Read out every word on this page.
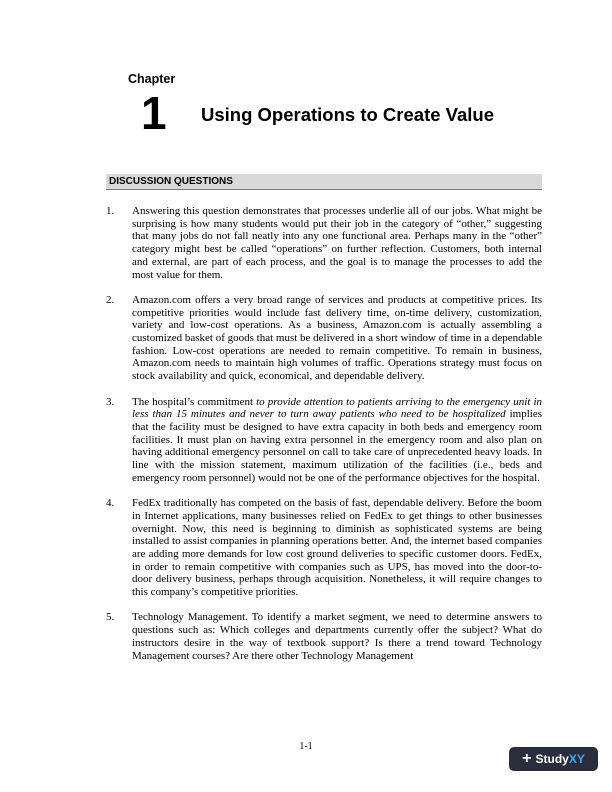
Chapter
1 Using Operations to Create Value
DISCUSSION QUESTIONS
1.	Answering this question demonstrates that processes underlie all of our jobs. What might be surprising is how many students would put their job in the category of “other,” suggesting that many jobs do not fall neatly into any one functional area. Perhaps many in the “other” category might best be called “operations” on further reflection. Customers, both internal and external, are part of each process, and the goal is to manage the processes to add the most value for them.
2.	Amazon.com offers a very broad range of services and products at competitive prices. Its competitive priorities would include fast delivery time, on-time delivery, customization, variety and low-cost operations. As a business, Amazon.com is actually assembling a customized basket of goods that must be delivered in a short window of time in a dependable fashion. Low-cost operations are needed to remain competitive. To remain in business, Amazon.com needs to maintain high volumes of traffic. Operations strategy must focus on stock availability and quick, economical, and dependable delivery.
3.	The hospital’s commitment to provide attention to patients arriving to the emergency unit in less than 15 minutes and never to turn away patients who need to be hospitalized implies that the facility must be designed to have extra capacity in both beds and emergency room facilities. It must plan on having extra personnel in the emergency room and also plan on having additional emergency personnel on call to take care of unprecedented heavy loads. In line with the mission statement, maximum utilization of the facilities (i.e., beds and emergency room personnel) would not be one of the performance objectives for the hospital.
4.	FedEx traditionally has competed on the basis of fast, dependable delivery. Before the boom in Internet applications, many businesses relied on FedEx to get things to other businesses overnight. Now, this need is beginning to diminish as sophisticated systems are being installed to assist companies in planning operations better. And, the internet based companies are adding more demands for low cost ground deliveries to specific customer doors. FedEx, in order to remain competitive with companies such as UPS, has moved into the door-to-door delivery business, perhaps through acquisition. Nonetheless, it will require changes to this company’s competitive priorities.
5.	Technology Management. To identify a market segment, we need to determine answers to questions such as: Which colleges and departments currently offer the subject? What do instructors desire in the way of textbook support? Is there a trend toward Technology Management courses? Are there other Technology Management
1-1
+ Study XY
